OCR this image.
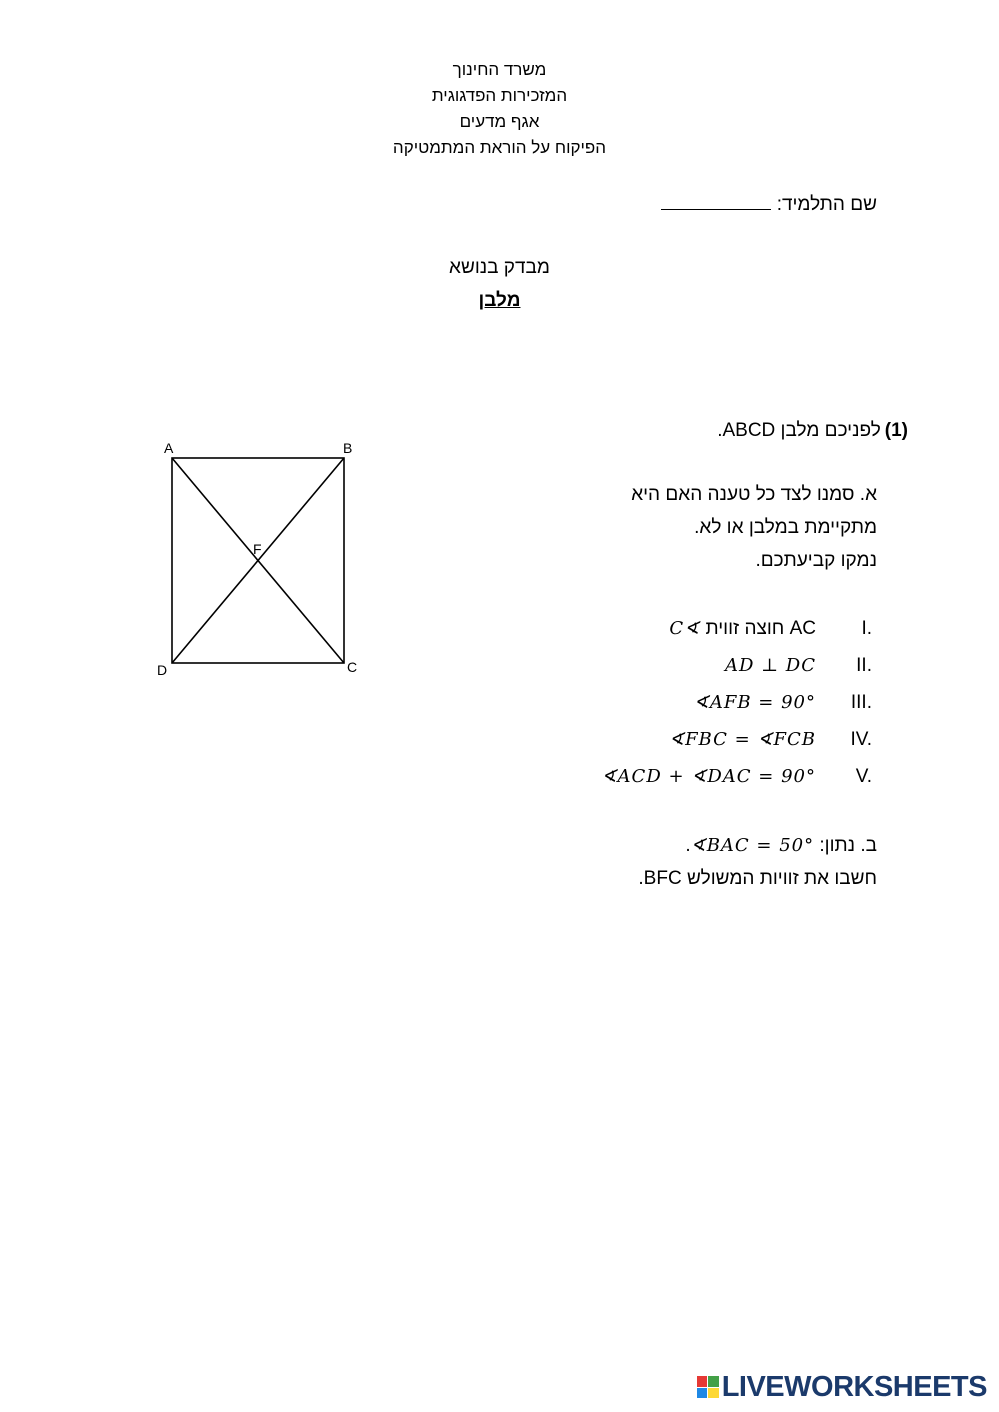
משרד החינוך
המזכירות הפדגוגית
אגף מדעים
הפיקוח על הוראת המתמטיקה
שם התלמיד:
מבדק בנושא
מלבן
(1)לפניכם מלבן ABCD.
א. סמנו לצד כל טענה האם היא
מתקיימת במלבן או לא.
נמקו קביעתכם.
I.
AC חוצה זווית ∢C
II.
AD ⊥ DC
III.
∢AFB = 90°
IV.
∢FBC = ∢FCB
V.
∢ACD + ∢DAC = 90°
ב. נתון: ∢BAC = 50°.
חשבו את זוויות המשולש BFC.
A	B
C
D
F
LIVEWORKSHEETS
